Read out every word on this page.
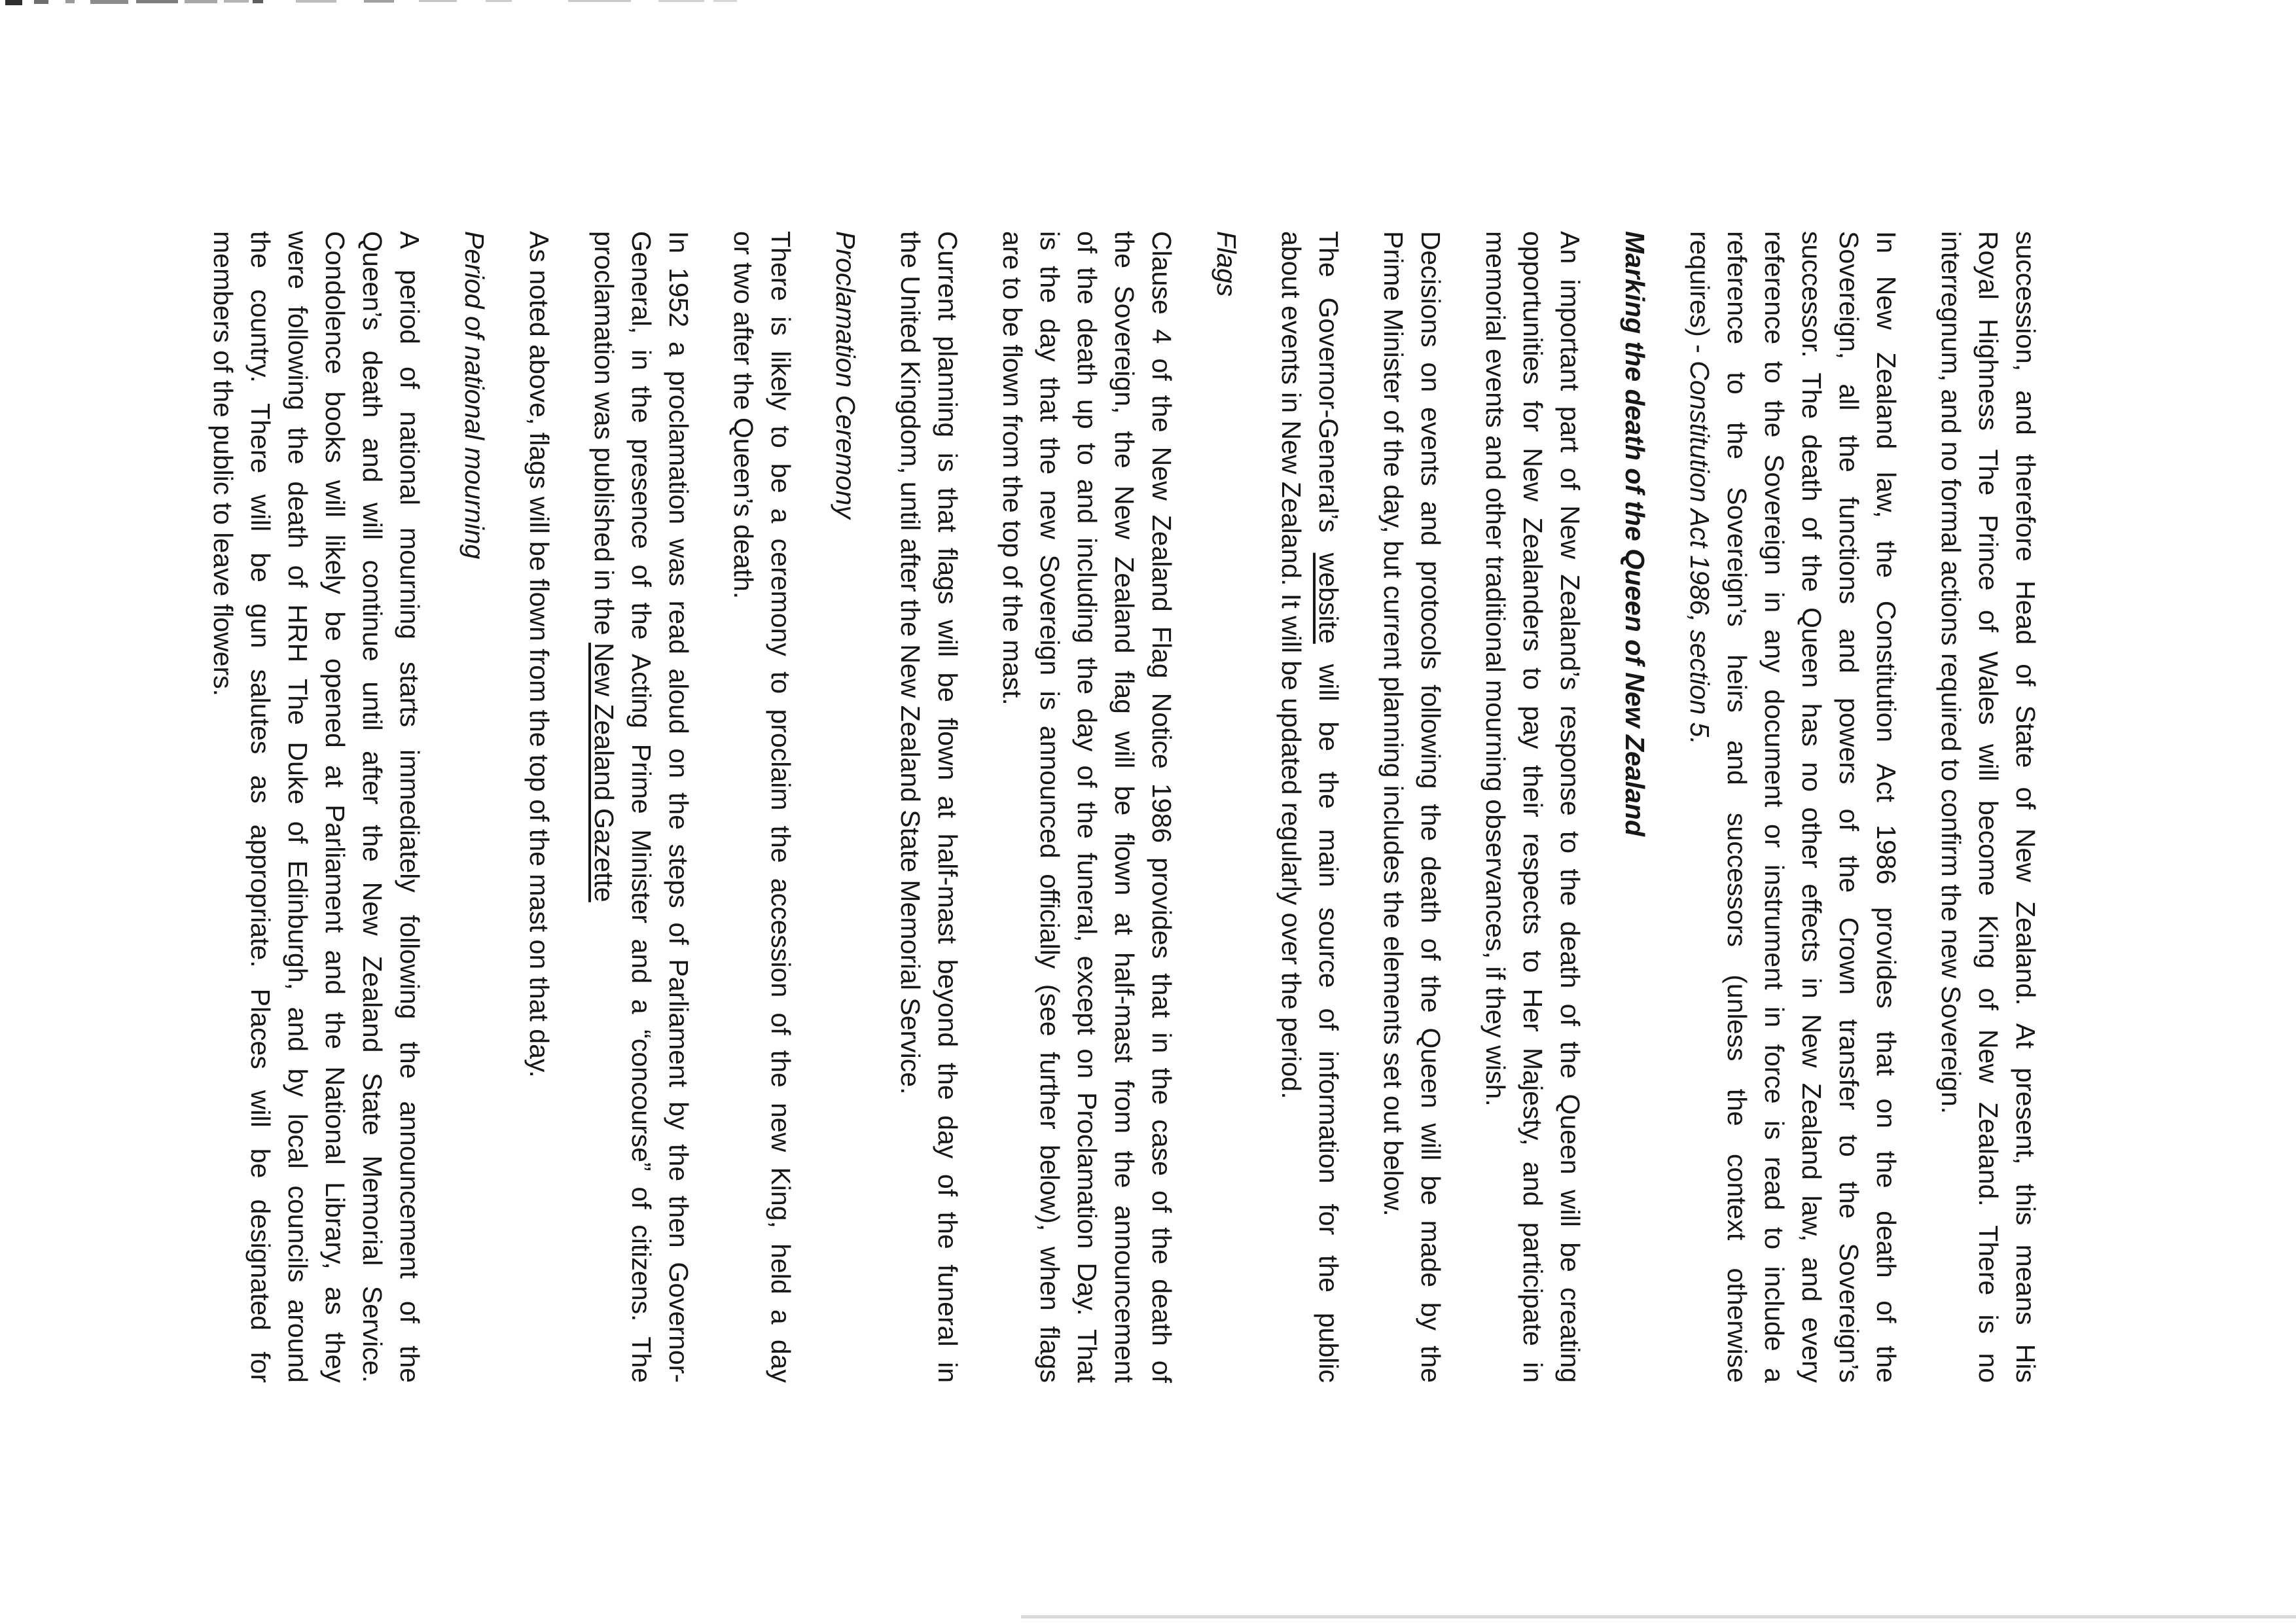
succession, and therefore Head of State of New Zealand. At present, this means His
Royal Highness The Prince of Wales will become King of New Zealand. There is no
interregnum, and no formal actions required to confirm the new Sovereign.
In New Zealand law, the Constitution Act 1986 provides that on the death of the
Sovereign, all the functions and powers of the Crown transfer to the Sovereign’s
successor. The death of the Queen has no other effects in New Zealand law, and every
reference to the Sovereign in any document or instrument in force is read to include a
reference to the Sovereign’s heirs and successors (unless the context otherwise
requires) - Constitution Act 1986, section 5.
Marking the death of the Queen of New Zealand
An important part of New Zealand’s response to the death of the Queen will be creating
opportunities for New Zealanders to pay their respects to Her Majesty, and participate in
memorial events and other traditional mourning observances, if they wish.
Decisions on events and protocols following the death of the Queen will be made by the
Prime Minister of the day, but current planning includes the elements set out below.
The Governor-General’s website will be the main source of information for the public
about events in New Zealand. It will be updated regularly over the period.
Flags
Clause 4 of the New Zealand Flag Notice 1986 provides that in the case of the death of
the Sovereign, the New Zealand flag will be flown at half-mast from the announcement
of the death up to and including the day of the funeral, except on Proclamation Day. That
is the day that the new Sovereign is announced officially (see further below), when flags
are to be flown from the top of the mast.
Current planning is that flags will be flown at half-mast beyond the day of the funeral in
the United Kingdom, until after the New Zealand State Memorial Service.
Proclamation Ceremony
There is likely to be a ceremony to proclaim the accession of the new King, held a day
or two after the Queen’s death.
In 1952 a proclamation was read aloud on the steps of Parliament by the then Governor-
General, in the presence of the Acting Prime Minister and a “concourse” of citizens. The
proclamation was published in the New Zealand Gazette
As noted above, flags will be flown from the top of the mast on that day.
Period of national mourning
A period of national mourning starts immediately following the announcement of the
Queen’s death and will continue until after the New Zealand State Memorial Service.
Condolence books will likely be opened at Parliament and the National Library, as they
were following the death of HRH The Duke of Edinburgh, and by local councils around
the country. There will be gun salutes as appropriate. Places will be designated for
members of the public to leave flowers.
